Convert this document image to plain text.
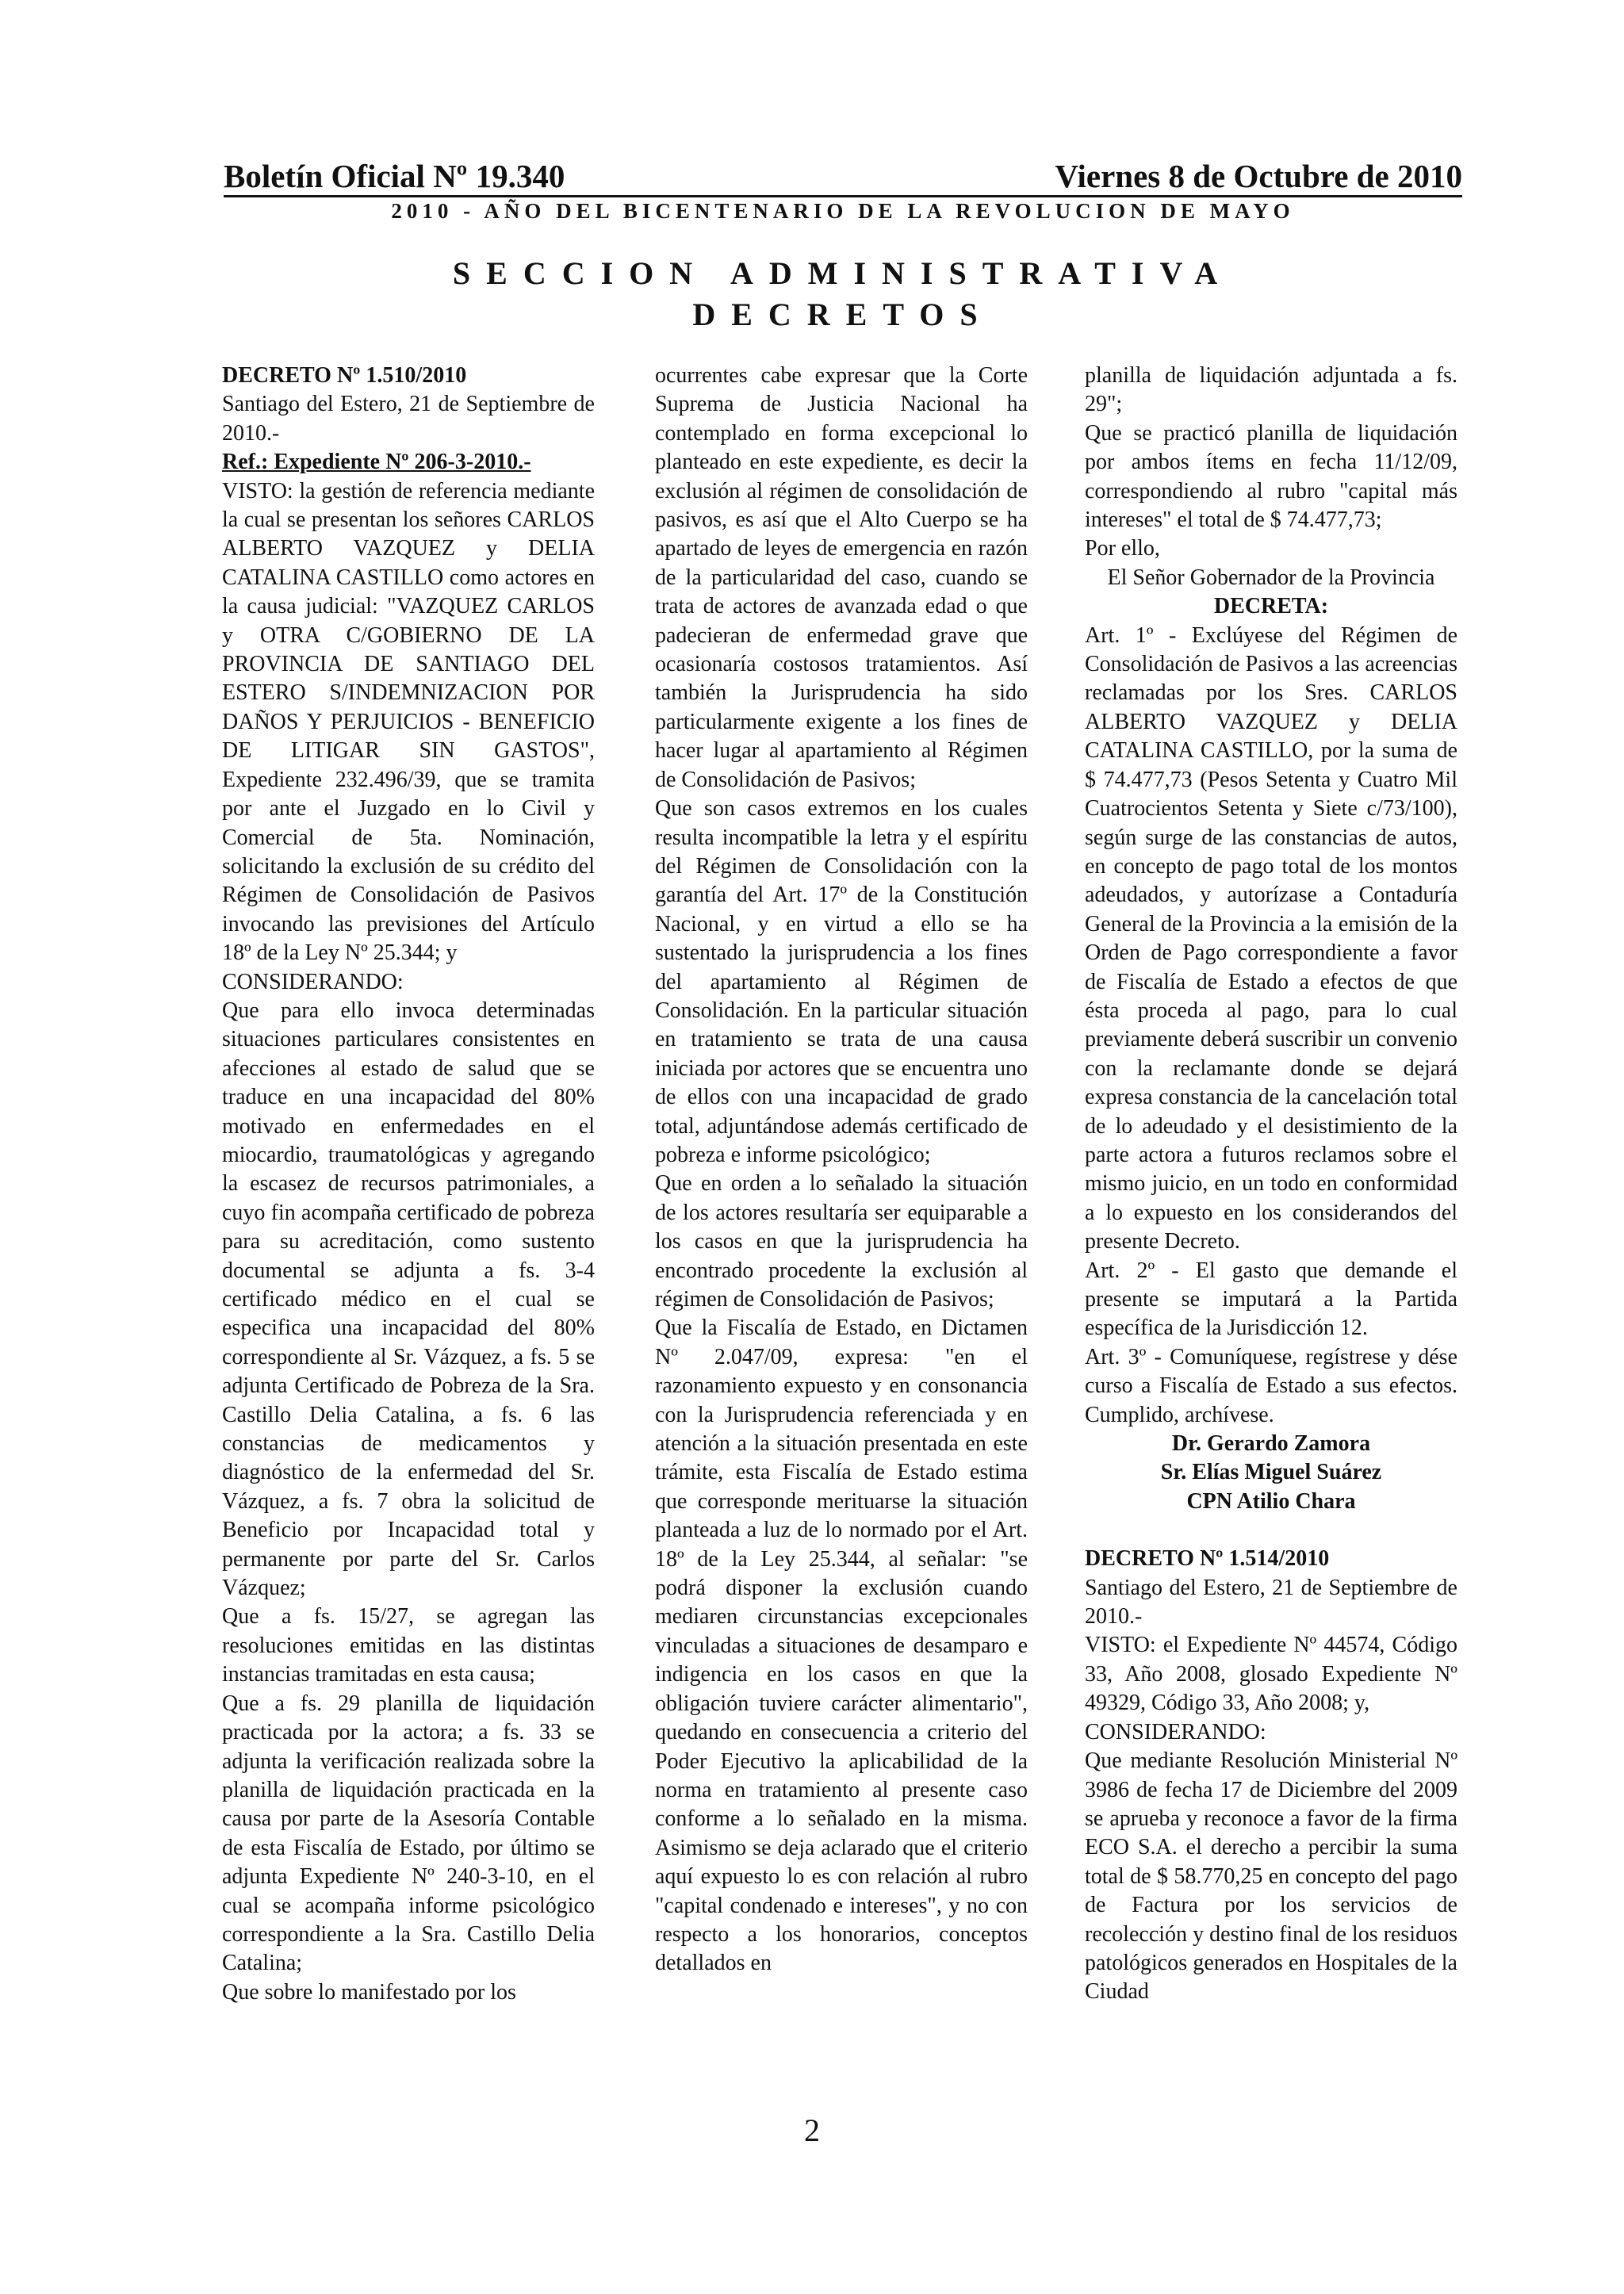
Boletín Oficial Nº 19.340	Viernes 8 de Octubre de 2010
2010 - AÑO DEL BICENTENARIO DE LA REVOLUCION DE MAYO
SECCION ADMINISTRATIVA
DECRETOS

DECRETO Nº 1.510/2010

Santiago del Estero, 21 de Septiembre de 2010.-

Ref.: Expediente Nº 206-3-2010.-

VISTO: la gestión de referencia mediante la cual se presentan los señores CARLOS ALBERTO VAZQUEZ y DELIA CATALINA CASTILLO como actores en la causa judicial: "VAZQUEZ CARLOS y OTRA C/GOBIERNO DE LA PROVINCIA DE SANTIAGO DEL ESTERO S/INDEMNIZACION POR DAÑOS Y PERJUICIOS - BENEFICIO DE LITIGAR SIN GASTOS", Expediente 232.496/39, que se tramita por ante el Juzgado en lo Civil y Comercial de 5ta. Nominación, solicitando la exclusión de su crédito del Régimen de Consolidación de Pasivos invocando las previsiones del Artículo 18º de la Ley Nº 25.344; y

CONSIDERANDO:

Que para ello invoca determinadas situaciones particulares consistentes en afecciones al estado de salud que se traduce en una incapacidad del 80% motivado en enfermedades en el miocardio, traumatológicas y agregando la escasez de recursos patrimoniales, a cuyo fin acompaña certificado de pobreza para su acreditación, como sustento documental se adjunta a fs. 3-4 certificado médico en el cual se especifica una incapacidad del 80% correspondiente al Sr. Vázquez, a fs. 5 se adjunta Certificado de Pobreza de la Sra. Castillo Delia Catalina, a fs. 6 las constancias de medicamentos y diagnóstico de la enfermedad del Sr. Vázquez, a fs. 7 obra la solicitud de Beneficio por Incapacidad total y permanente por parte del Sr. Carlos Vázquez;

Que a fs. 15/27, se agregan las resoluciones emitidas en las distintas instancias tramitadas en esta causa;

Que a fs. 29 planilla de liquidación practicada por la actora; a fs. 33 se adjunta la verificación realizada sobre la planilla de liquidación practicada en la causa por parte de la Asesoría Contable de esta Fiscalía de Estado, por último se adjunta Expediente Nº 240-3-10, en el cual se acompaña informe psicológico correspondiente a la Sra. Castillo Delia Catalina;

Que sobre lo manifestado por los

ocurrentes cabe expresar que la Corte Suprema de Justicia Nacional ha contemplado en forma excepcional lo planteado en este expediente, es decir la exclusión al régimen de consolidación de pasivos, es así que el Alto Cuerpo se ha apartado de leyes de emergencia en razón de la particularidad del caso, cuando se trata de actores de avanzada edad o que padecieran de enfermedad grave que ocasionaría costosos tratamientos. Así también la Jurisprudencia ha sido particularmente exigente a los fines de hacer lugar al apartamiento al Régimen de Consolidación de Pasivos;

Que son casos extremos en los cuales resulta incompatible la letra y el espíritu del Régimen de Consolidación con la garantía del Art. 17º de la Constitución Nacional, y en virtud a ello se ha sustentado la jurisprudencia a los fines del apartamiento al Régimen de Consolidación. En la particular situación en tratamiento se trata de una causa iniciada por actores que se encuentra uno de ellos con una incapacidad de grado total, adjuntándose además certificado de pobreza e informe psicológico;

Que en orden a lo señalado la situación de los actores resultaría ser equiparable a los casos en que la jurisprudencia ha encontrado procedente la exclusión al régimen de Consolidación de Pasivos;

Que la Fiscalía de Estado, en Dictamen Nº 2.047/09, expresa: "en el razonamiento expuesto y en consonancia con la Jurisprudencia referenciada y en atención a la situación presentada en este trámite, esta Fiscalía de Estado estima que corresponde merituarse la situación planteada a luz de lo normado por el Art. 18º de la Ley 25.344, al señalar: "se podrá disponer la exclusión cuando mediaren circunstancias excepcionales vinculadas a situaciones de desamparo e indigencia en los casos en que la obligación tuviere carácter alimentario", quedando en consecuencia a criterio del Poder Ejecutivo la aplicabilidad de la norma en tratamiento al presente caso conforme a lo señalado en la misma. Asimismo se deja aclarado que el criterio aquí expuesto lo es con relación al rubro "capital condenado e intereses", y no con respecto a los honorarios, conceptos detallados en

planilla de liquidación adjuntada a fs. 29";

Que se practicó planilla de liquidación por ambos ítems en fecha 11/12/09, correspondiendo al rubro "capital más intereses" el total de $ 74.477,73;

Por ello,

El Señor Gobernador de la Provincia

DECRETA:

Art. 1º - Exclúyese del Régimen de Consolidación de Pasivos a las acreencias reclamadas por los Sres. CARLOS ALBERTO VAZQUEZ y DELIA CATALINA CASTILLO, por la suma de $ 74.477,73 (Pesos Setenta y Cuatro Mil Cuatrocientos Setenta y Siete c/73/100), según surge de las constancias de autos, en concepto de pago total de los montos adeudados, y autorízase a Contaduría General de la Provincia a la emisión de la Orden de Pago correspondiente a favor de Fiscalía de Estado a efectos de que ésta proceda al pago, para lo cual previamente deberá suscribir un convenio con la reclamante donde se dejará expresa constancia de la cancelación total de lo adeudado y el desistimiento de la parte actora a futuros reclamos sobre el mismo juicio, en un todo en conformidad a lo expuesto en los considerandos del presente Decreto.

Art. 2º - El gasto que demande el presente se imputará a la Partida específica de la Jurisdicción 12.

Art. 3º - Comuníquese, regístrese y dése curso a Fiscalía de Estado a sus efectos. Cumplido, archívese.

Dr. Gerardo Zamora

Sr. Elías Miguel Suárez

CPN Atilio Chara

DECRETO Nº 1.514/2010

Santiago del Estero, 21 de Septiembre de 2010.-

VISTO: el Expediente Nº 44574, Código 33, Año 2008, glosado Expediente Nº 49329, Código 33, Año 2008; y,

CONSIDERANDO:

Que mediante Resolución Ministerial Nº 3986 de fecha 17 de Diciembre del 2009 se aprueba y reconoce a favor de la firma ECO S.A. el derecho a percibir la suma total de $ 58.770,25 en concepto del pago de Factura por los servicios de recolección y destino final de los residuos patológicos generados en Hospitales de la Ciudad

2
